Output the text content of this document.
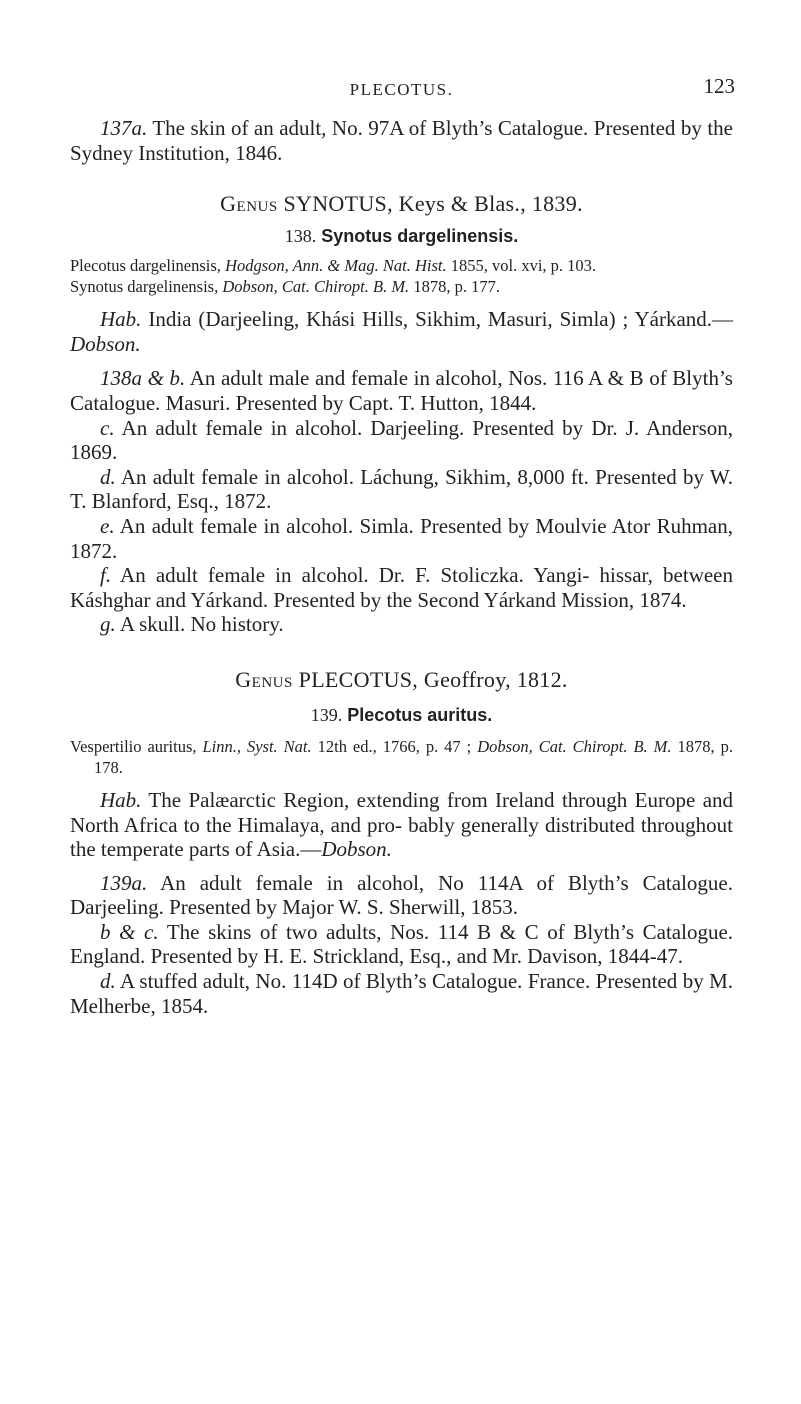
PLECOTUS.	123

137a. The skin of an adult, No. 97A of Blyth’s Catalogue. Presented by the Sydney Institution, 1846.

Genus SYNOTUS, Keys & Blas., 1839.

138. Synotus dargelinensis.

Plecotus dargelinensis, Hodgson, Ann. & Mag. Nat. Hist. 1855, vol. xvi, p. 103.

Synotus dargelinensis, Dobson, Cat. Chiropt. B. M. 1878, p. 177.

Hab. India (Darjeeling, Khási Hills, Sikhim, Masuri, Simla) ; Yárkand.—Dobson.

138a & b. An adult male and female in alcohol, Nos. 116 A & B of Blyth’s Catalogue. Masuri. Presented by Capt. T. Hutton, 1844.

c. An adult female in alcohol. Darjeeling. Presented by Dr. J. Anderson, 1869.

d. An adult female in alcohol. Láchung, Sikhim, 8,000 ft. Presented by W. T. Blanford, Esq., 1872.

e. An adult female in alcohol. Simla. Presented by Moulvie Ator Ruhman, 1872.

f. An adult female in alcohol. Dr. F. Stoliczka. Yangi- hissar, between Káshghar and Yárkand. Presented by the Second Yárkand Mission, 1874.

g. A skull. No history.

Genus PLECOTUS, Geoffroy, 1812.

139. Plecotus auritus.

Vespertilio auritus, Linn., Syst. Nat. 12th ed., 1766, p. 47 ; Dobson, Cat. Chiropt. B. M. 1878, p. 178.

Hab. The Palæarctic Region, extending from Ireland through Europe and North Africa to the Himalaya, and pro- bably generally distributed throughout the temperate parts of Asia.—Dobson.

139a. An adult female in alcohol, No 114A of Blyth’s Catalogue. Darjeeling. Presented by Major W. S. Sherwill, 1853.

b & c. The skins of two adults, Nos. 114 B & C of Blyth’s Catalogue. England. Presented by H. E. Strickland, Esq., and Mr. Davison, 1844-47.

d. A stuffed adult, No. 114D of Blyth’s Catalogue. France. Presented by M. Melherbe, 1854.
